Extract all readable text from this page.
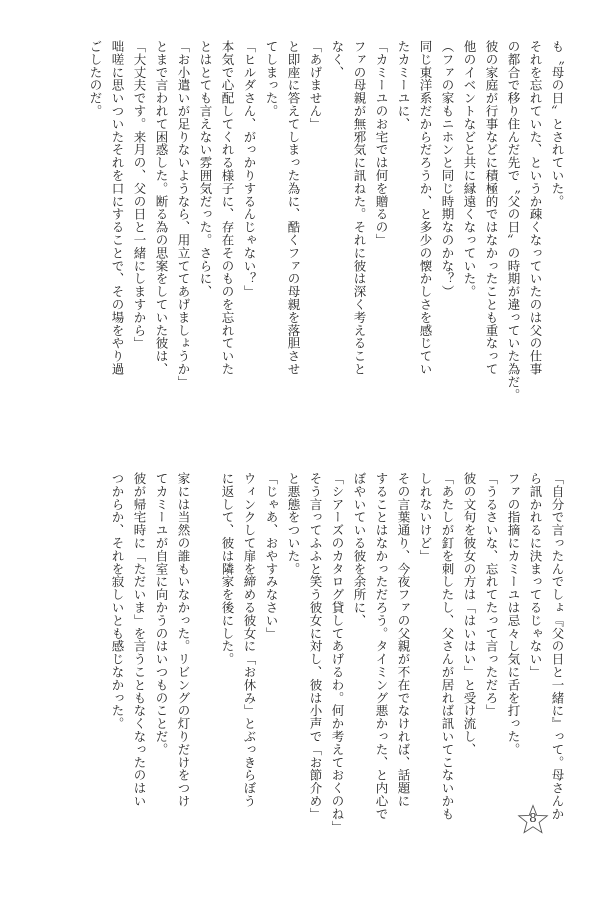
も〝母の日〟とされていた。

それを忘れていた、というか疎くなっていたのは父の仕事

の都合で移り住んだ先で〝父の日〟の時期が違っていた為だ。

彼の家庭が行事などに積極的ではなかったことも重なって

他のイベントなどと共に縁遠くなっていた。

（ファの家もニホンと同じ時期なのかな？）

同じ東洋系だからだろうか、と多少の懐かしさを感じてい

たカミーユに、

「カミーユのお宅では何を贈るの」

ファの母親が無邪気に訊ねた。それに彼は深く考えること

なく、

「あげません」

と即座に答えてしまった為に、酷くファの母親を落胆させ

てしまった。

「ヒルダさん、がっかりするんじゃない？」

本気で心配してくれる様子に、存在そのものを忘れていた

とはとても言えない雰囲気だった。さらに、

「お小遣いが足りないようなら、用立ててあげましょうか」

とまで言われて困惑した。断る為の思案をしていた彼は、

「大丈夫です。来月の、父の日と一緒にしますから」

咄嗟に思いついたそれを口にすることで、その場をやり過

ごしたのだ。

「自分で言ったんでしょ『父の日と一緒に』って。母さんか

ら訊かれるに決まってるじゃない」

ファの指摘にカミーユは忌々し気に舌を打った。

「うるさいな、忘れてたって言っただろ」

彼の文句を彼女の方は「はいはい」と受け流し、

「あたしが釘を刺したし、父さんが居れば訊いてこないかも

しれないけど」

その言葉通り、今夜ファの父親が不在でなければ、話題に

することはなかっただろう。タイミング悪かった、と内心で

ぼやいている彼を余所に、

「シアーズのカタログ貸してあげるわ。何か考えておくのね」

そう言ってふふと笑う彼女に対し、彼は小声で「お節介め」

と悪態をついた。

「じゃあ、おやすみなさい」

ウィンクして扉を締める彼女に「お休み」とぶっきらぼう

に返して、彼は隣家を後にした。

家には当然の誰もいなかった。リビングの灯りだけをつけ

てカミーユが自室に向かうのはいつものことだ。

彼が帰宅時に「ただいま」を言うこともなくなったのはい

つからか、それを寂しいとも感じなかった。

8
